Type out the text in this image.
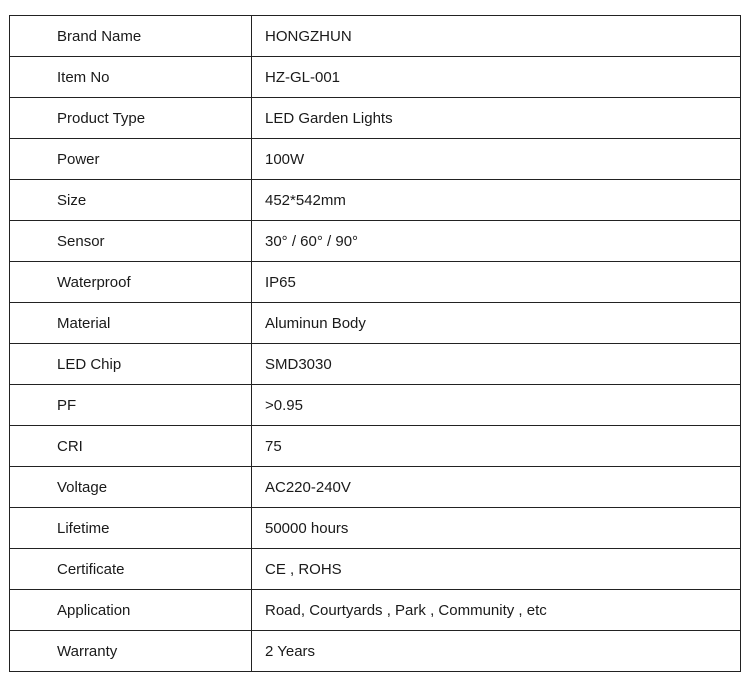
Brand Name	HONGZHUN
Item No	HZ-GL-001
Product Type	LED Garden Lights
Power	100W
Size	452*542mm
Sensor	30° / 60° / 90°
Waterproof	IP65
Material	Aluminun Body
LED Chip	SMD3030
PF	>0.95
CRI	75
Voltage	AC220-240V
Lifetime	50000 hours
Certificate	CE , ROHS
Application	Road, Courtyards , Park , Community , etc
Warranty	2 Years
